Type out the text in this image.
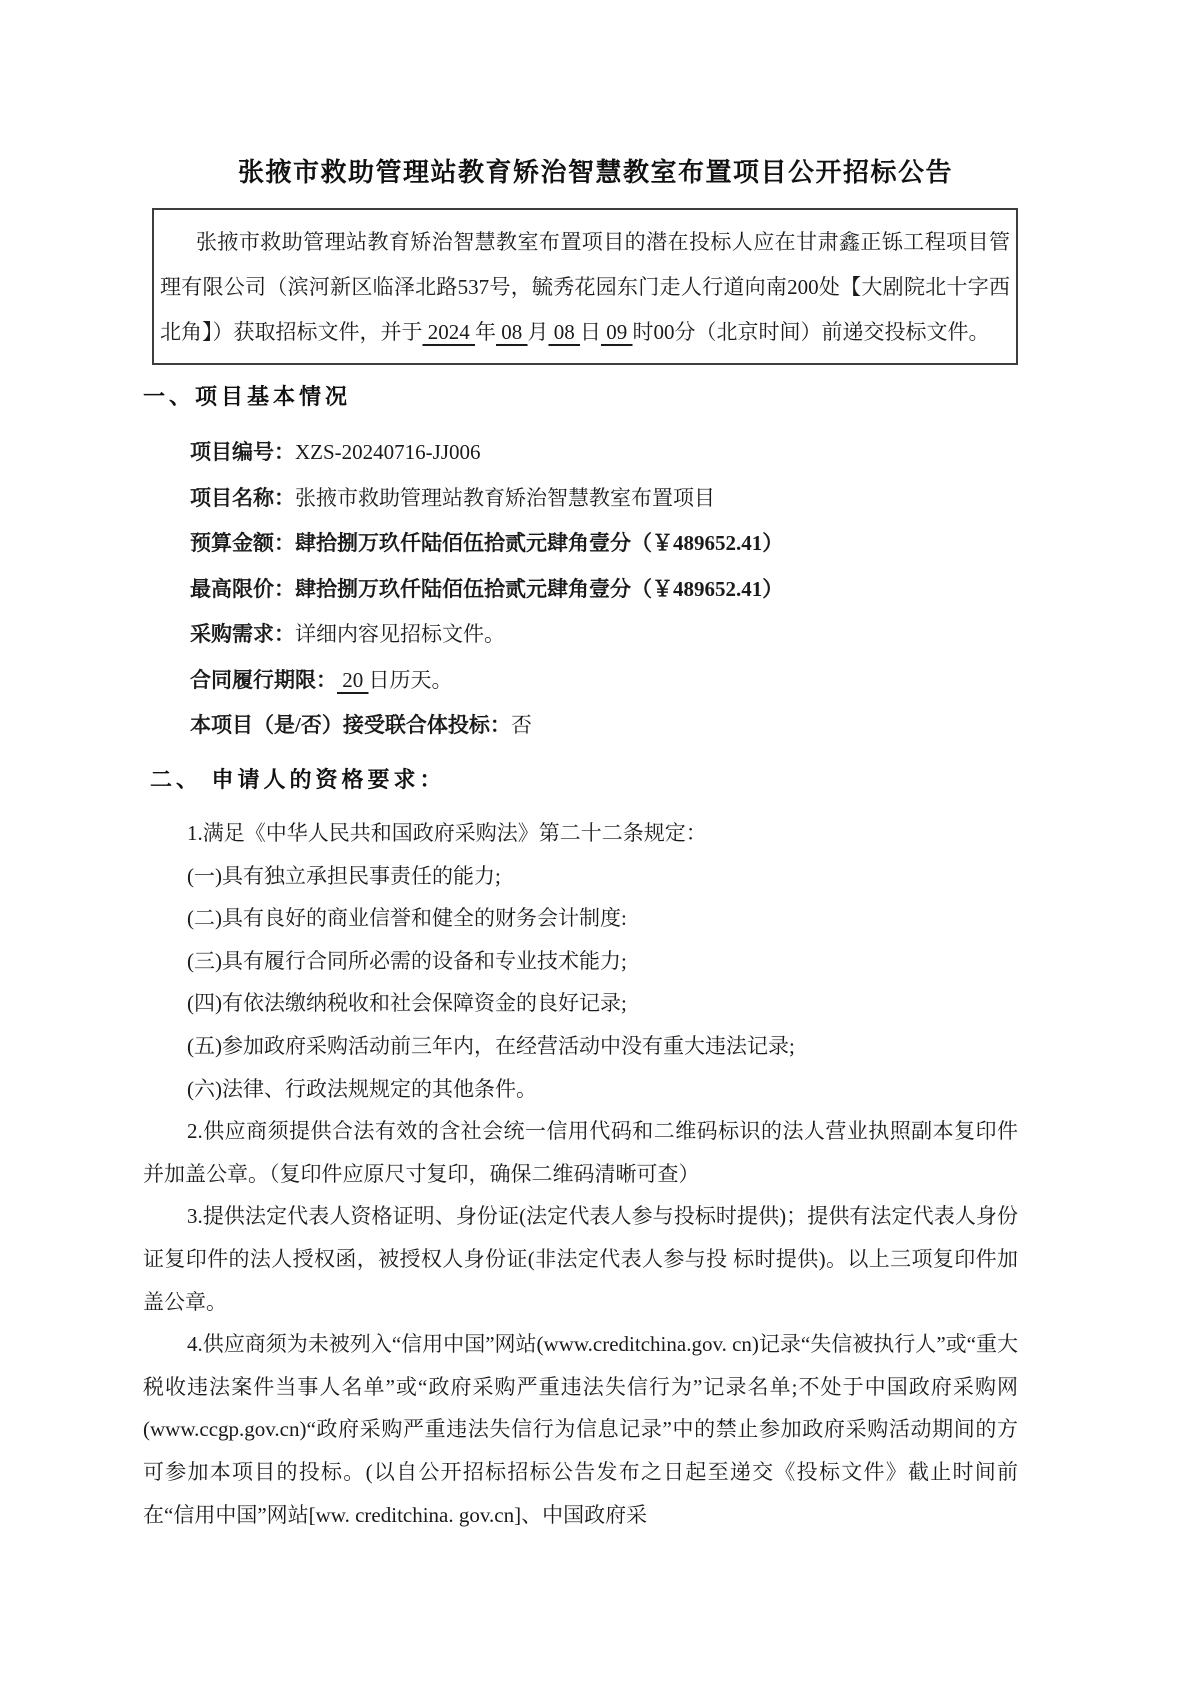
张掖市救助管理站教育矫治智慧教室布置项目公开招标公告

张掖市救助管理站教育矫治智慧教室布置项目的潜在投标人应在甘肃鑫正铄工程项目管理有限公司（滨河新区临泽北路537号，毓秀花园东门走人行道向南200处【大剧院北十字西北角】）获取招标文件，并于 2024 年 08 月 08 日 09 时00分（北京时间）前递交投标文件。

一、项目基本情况
项目编号：XZS-20240716-JJ006
项目名称：张掖市救助管理站教育矫治智慧教室布置项目
预算金额：肆拾捌万玖仟陆佰伍拾贰元肆角壹分（￥489652.41）
最高限价：肆拾捌万玖仟陆佰伍拾贰元肆角壹分（￥489652.41）
采购需求：详细内容见招标文件。
合同履行期限： 20 日历天。
本项目（是/否）接受联合体投标：否
二、 申请人的资格要求：

1.满足《中华人民共和国政府采购法》第二十二条规定：

(一)具有独立承担民事责任的能力;

(二)具有良好的商业信誉和健全的财务会计制度:

(三)具有履行合同所必需的设备和专业技术能力;

(四)有依法缴纳税收和社会保障资金的良好记录;

(五)参加政府采购活动前三年内，在经营活动中没有重大违法记录;

(六)法律、行政法规规定的其他条件。

2.供应商须提供合法有效的含社会统一信用代码和二维码标识的法人营业执照副本复印件并加盖公章。（复印件应原尺寸复印，确保二维码清晰可查）

3.提供法定代表人资格证明、身份证(法定代表人参与投标时提供)；提供有法定代表人身份证复印件的法人授权函，被授权人身份证(非法定代表人参与投 标时提供)。以上三项复印件加盖公章。

4.供应商须为未被列入“信用中国”网站(www.creditchina.gov. cn)记录“失信被执行人”或“重大税收违法案件当事人名单”或“政府采购严重违法失信行为”记录名单;不处于中国政府采购网(www.ccgp.gov.cn)“政府采购严重违法失信行为信息记录”中的禁止参加政府采购活动期间的方可参加本项目的投标。(以自公开招标招标公告发布之日起至递交《投标文件》截止时间前在“信用中国”网站[ww. creditchina. gov.cn]、中国政府采
